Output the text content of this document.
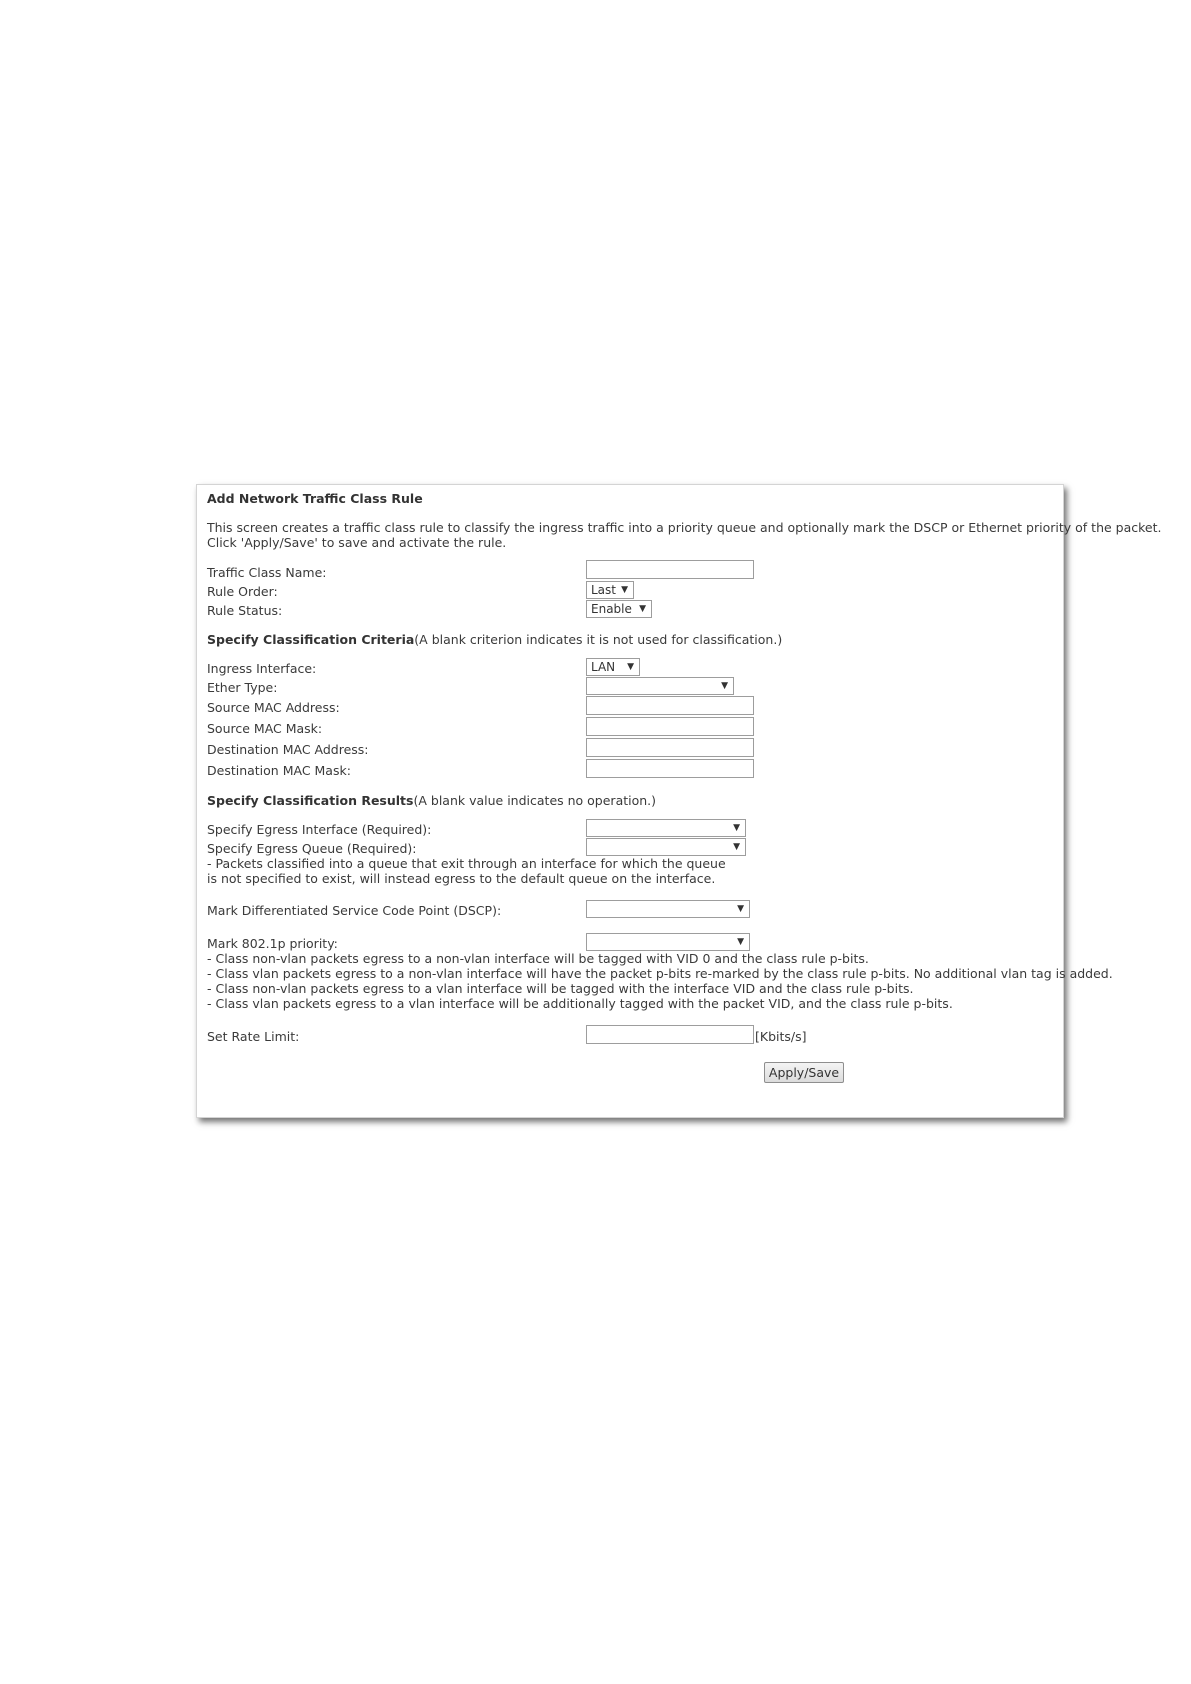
Add Network Traffic Class Rule
This screen creates a traffic class rule to classify the ingress traffic into a priority queue and optionally mark the DSCP or Ethernet priority of the packet.
Click 'Apply/Save' to save and activate the rule.
Traffic Class Name:
Rule Order:	Last ▼
Rule Status:	Enable ▼
Specify Classification Criteria(A blank criterion indicates it is not used for classification.)
Ingress Interface:	LAN ▼
Ether Type:	▼
Source MAC Address:
Source MAC Mask:
Destination MAC Address:
Destination MAC Mask:
Specify Classification Results(A blank value indicates no operation.)
Specify Egress Interface (Required):	▼
Specify Egress Queue (Required):	▼
- Packets classified into a queue that exit through an interface for which the queue
is not specified to exist, will instead egress to the default queue on the interface.
Mark Differentiated Service Code Point (DSCP):	▼
Mark 802.1p priority:	▼
- Class non-vlan packets egress to a non-vlan interface will be tagged with VID 0 and the class rule p-bits.
- Class vlan packets egress to a non-vlan interface will have the packet p-bits re-marked by the class rule p-bits. No additional vlan tag is added.
- Class non-vlan packets egress to a vlan interface will be tagged with the interface VID and the class rule p-bits.
- Class vlan packets egress to a vlan interface will be additionally tagged with the packet VID, and the class rule p-bits.
Set Rate Limit:	[Kbits/s]
Apply/Save
